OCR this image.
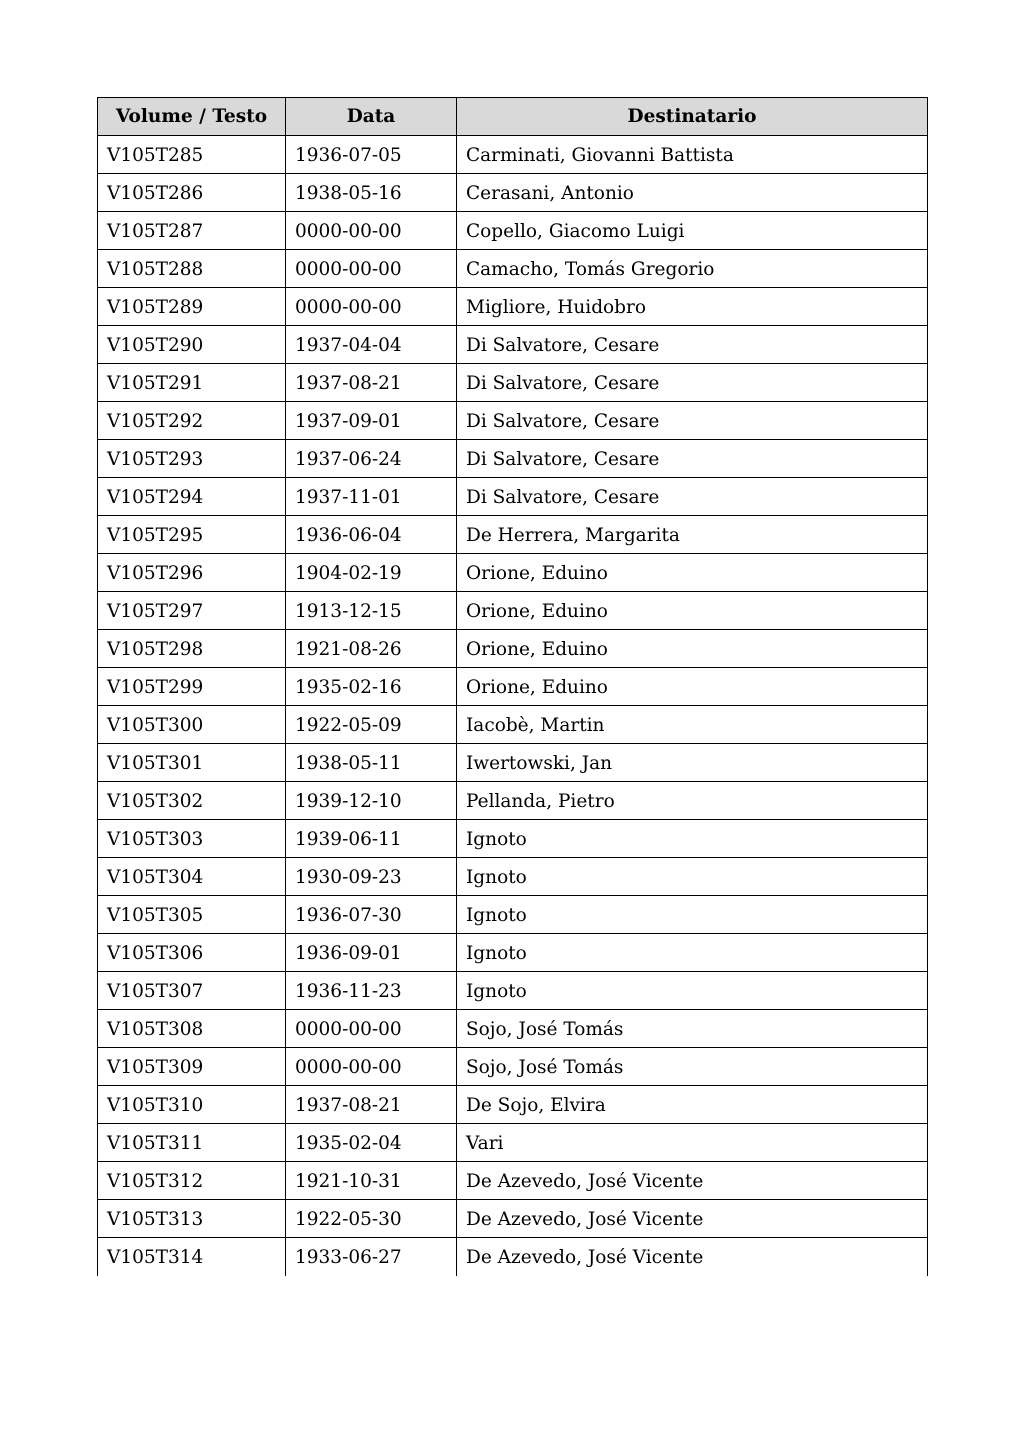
Volume / Testo	Data	Destinatario
V105T285	1936-07-05	Carminati, Giovanni Battista
V105T286	1938-05-16	Cerasani, Antonio
V105T287	0000-00-00	Copello, Giacomo Luigi
V105T288	0000-00-00	Camacho, Tomás Gregorio
V105T289	0000-00-00	Migliore, Huidobro
V105T290	1937-04-04	Di Salvatore, Cesare
V105T291	1937-08-21	Di Salvatore, Cesare
V105T292	1937-09-01	Di Salvatore, Cesare
V105T293	1937-06-24	Di Salvatore, Cesare
V105T294	1937-11-01	Di Salvatore, Cesare
V105T295	1936-06-04	De Herrera, Margarita
V105T296	1904-02-19	Orione, Eduino
V105T297	1913-12-15	Orione, Eduino
V105T298	1921-08-26	Orione, Eduino
V105T299	1935-02-16	Orione, Eduino
V105T300	1922-05-09	Iacobè, Martin
V105T301	1938-05-11	Iwertowski, Jan
V105T302	1939-12-10	Pellanda, Pietro
V105T303	1939-06-11	Ignoto
V105T304	1930-09-23	Ignoto
V105T305	1936-07-30	Ignoto
V105T306	1936-09-01	Ignoto
V105T307	1936-11-23	Ignoto
V105T308	0000-00-00	Sojo, José Tomás
V105T309	0000-00-00	Sojo, José Tomás
V105T310	1937-08-21	De Sojo, Elvira
V105T311	1935-02-04	Vari
V105T312	1921-10-31	De Azevedo, José Vicente
V105T313	1922-05-30	De Azevedo, José Vicente
V105T314	1933-06-27	De Azevedo, José Vicente
